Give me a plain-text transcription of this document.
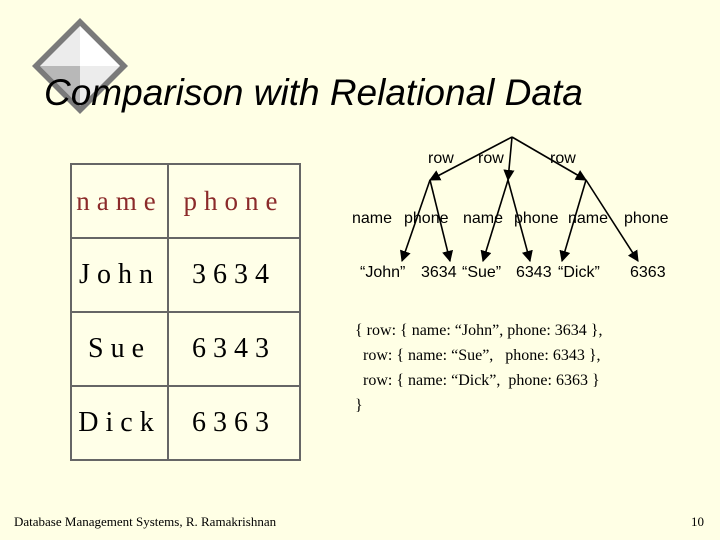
Comparison with Relational Data
name	phone
John	3634
Sue	6343
Dick	6363
row row	row
name phone name phone name phone
“John” 3634 “Sue” 6343 “Dick” 6363
{ row: { name: “John”, phone: 3634 },
row: { name: “Sue”,   phone: 6343 },
row: { name: “Dick”,  phone: 6363 }
}
Database Management Systems, R. Ramakrishnan	10
